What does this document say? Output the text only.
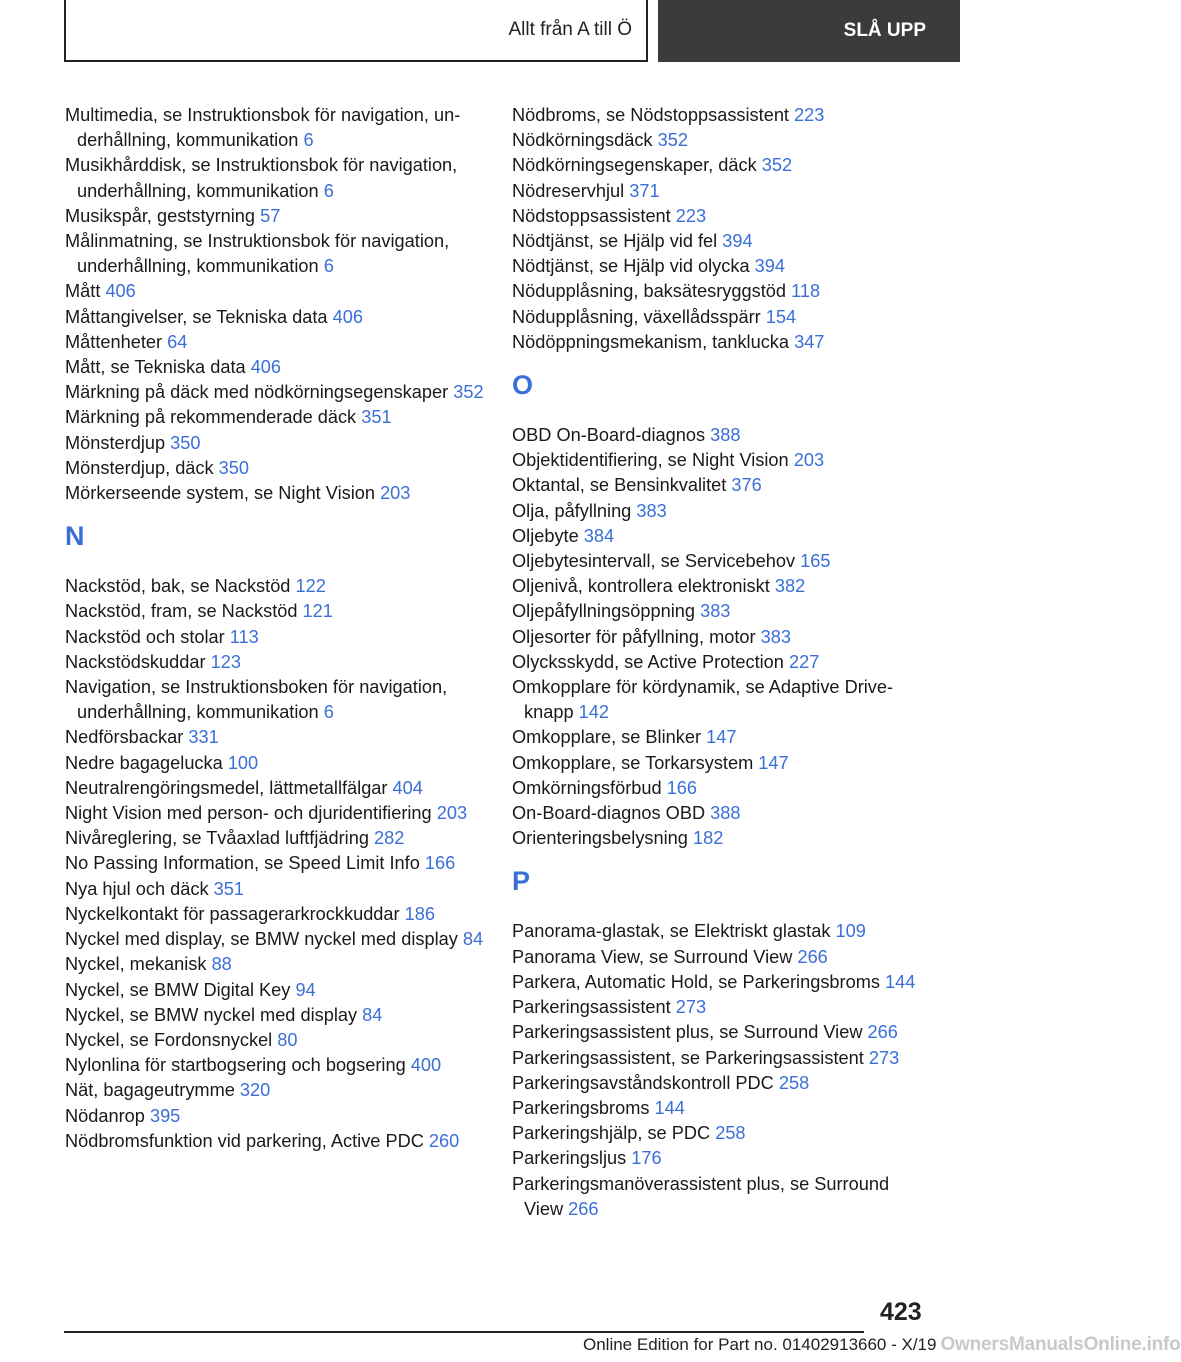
Allt från A till Ö	SLÅ UPP
Multimedia, se Instruktionsbok för navigation, underhållning, kommunikation 6
Musikhårddisk, se Instruktionsbok för navigation, underhållning, kommunikation 6
Musikspår, geststyrning 57
Målinmatning, se Instruktionsbok för navigation, underhållning, kommunikation 6
Mått 406
Måttangivelser, se Tekniska data 406
Måttenheter 64
Mått, se Tekniska data 406
Märkning på däck med nödkörningsegenskaper 352
Märkning på rekommenderade däck 351
Mönsterdjup 350
Mönsterdjup, däck 350
Mörkerseende system, se Night Vision 203
N
Nackstöd, bak, se Nackstöd 122
Nackstöd, fram, se Nackstöd 121
Nackstöd och stolar 113
Nackstödskuddar 123
Navigation, se Instruktionsboken för navigation, underhållning, kommunikation 6
Nedförsbackar 331
Nedre bagagelucka 100
Neutralrengöringsmedel, lättmetallfälgar 404
Night Vision med person- och djuridentifiering 203
Nivåreglering, se Tvåaxlad luftfjädring 282
No Passing Information, se Speed Limit Info 166
Nya hjul och däck 351
Nyckelkontakt för passagerarkrockkuddar 186
Nyckel med display, se BMW nyckel med display 84
Nyckel, mekanisk 88
Nyckel, se BMW Digital Key 94
Nyckel, se BMW nyckel med display 84
Nyckel, se Fordonsnyckel 80
Nylonlina för startbogsering och bogsering 400
Nät, bagageutrymme 320
Nödanrop 395
Nödbromsfunktion vid parkering, Active PDC 260
Nödbroms, se Nödstoppsassistent 223
Nödkörningsdäck 352
Nödkörningsegenskaper, däck 352
Nödreservhjul 371
Nödstoppsassistent 223
Nödtjänst, se Hjälp vid fel 394
Nödtjänst, se Hjälp vid olycka 394
Nödupplåsning, baksätesryggstöd 118
Nödupplåsning, växellådsspärr 154
Nödöppningsmekanism, tanklucka 347
O
OBD On-Board-diagnos 388
Objektidentifiering, se Night Vision 203
Oktantal, se Bensinkvalitet 376
Olja, påfyllning 383
Oljebyte 384
Oljebytesintervall, se Servicebehov 165
Oljenivå, kontrollera elektroniskt 382
Oljepåfyllningsöppning 383
Oljesorter för påfyllning, motor 383
Olycksskydd, se Active Protection 227
Omkopplare för kördynamik, se Adaptive Driveknapp 142
Omkopplare, se Blinker 147
Omkopplare, se Torkarsystem 147
Omkörningsförbud 166
On-Board-diagnos OBD 388
Orienteringsbelysning 182
P
Panorama-glastak, se Elektriskt glastak 109
Panorama View, se Surround View 266
Parkera, Automatic Hold, se Parkeringsbroms 144
Parkeringsassistent 273
Parkeringsassistent plus, se Surround View 266
Parkeringsassistent, se Parkeringsassistent 273
Parkeringsavståndskontroll PDC 258
Parkeringsbroms 144
Parkeringshjälp, se PDC 258
Parkeringsljus 176
Parkeringsmanöverassistent plus, se Surround View 266
423
Online Edition for Part no. 01402913660 - X/19 OwnersManualsOnline.info
